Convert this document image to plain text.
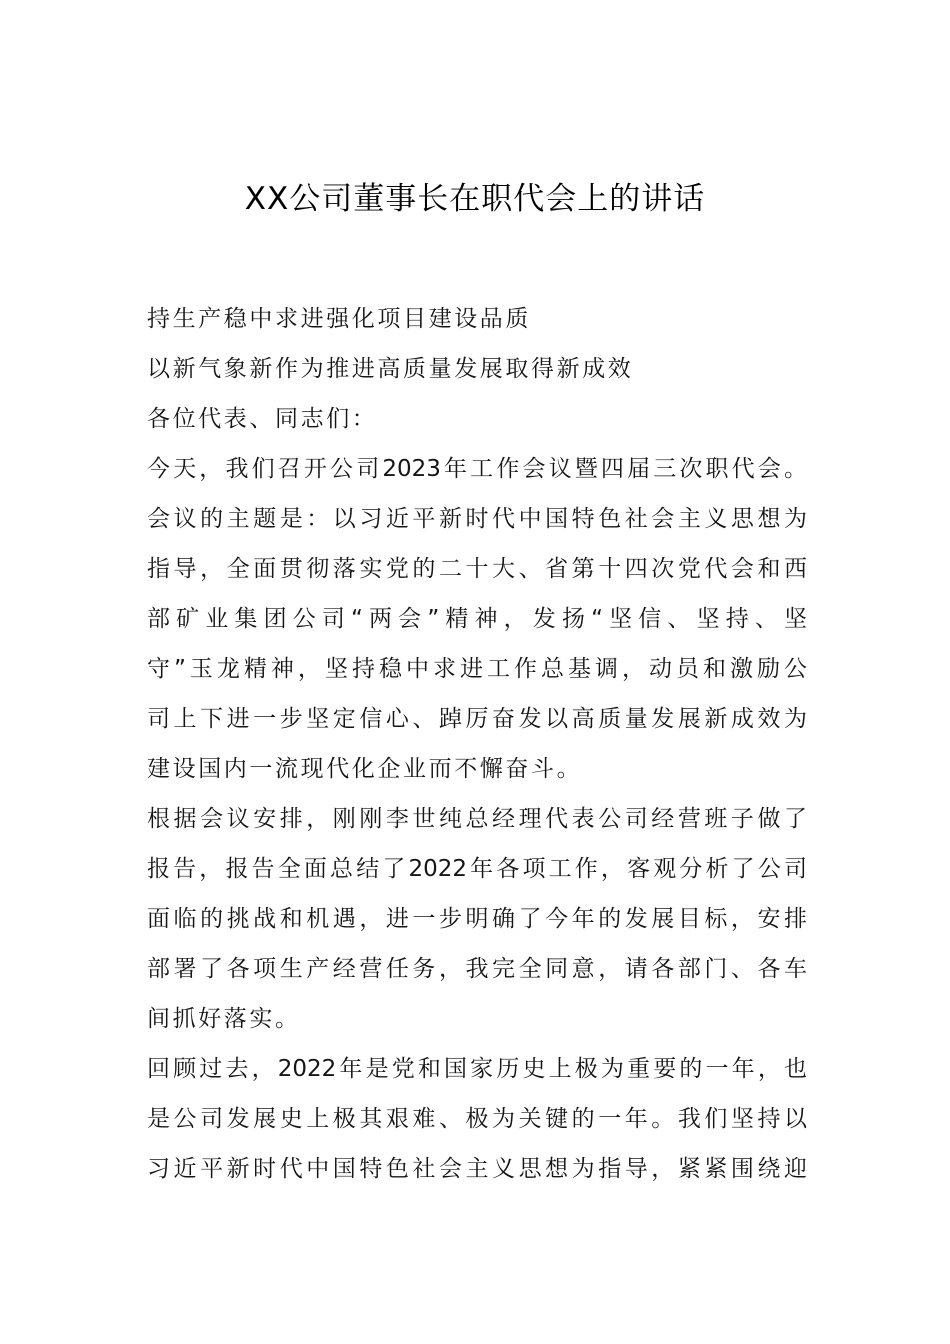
XX公司董事长在职代会上的讲话
持生产稳中求进强化项目建设品质
以新气象新作为推进高质量发展取得新成效
各位代表、同志们：
今天，我们召开公司2023年工作会议暨四届三次职代会。
会议的主题是：以习近平新时代中国特色社会主义思想为
指导，全面贯彻落实党的二十大、省第十四次党代会和西
部矿业集团公司“两会”精神，发扬“坚信、坚持、坚
守”玉龙精神，坚持稳中求进工作总基调，动员和激励公
司上下进一步坚定信心、踔厉奋发以高质量发展新成效为
建设国内一流现代化企业而不懈奋斗。
根据会议安排，刚刚李世纯总经理代表公司经营班子做了
报告，报告全面总结了2022年各项工作，客观分析了公司
面临的挑战和机遇，进一步明确了今年的发展目标，安排
部署了各项生产经营任务，我完全同意，请各部门、各车
间抓好落实。
回顾过去，2022年是党和国家历史上极为重要的一年，也
是公司发展史上极其艰难、极为关键的一年。我们坚持以
习近平新时代中国特色社会主义思想为指导，紧紧围绕迎
